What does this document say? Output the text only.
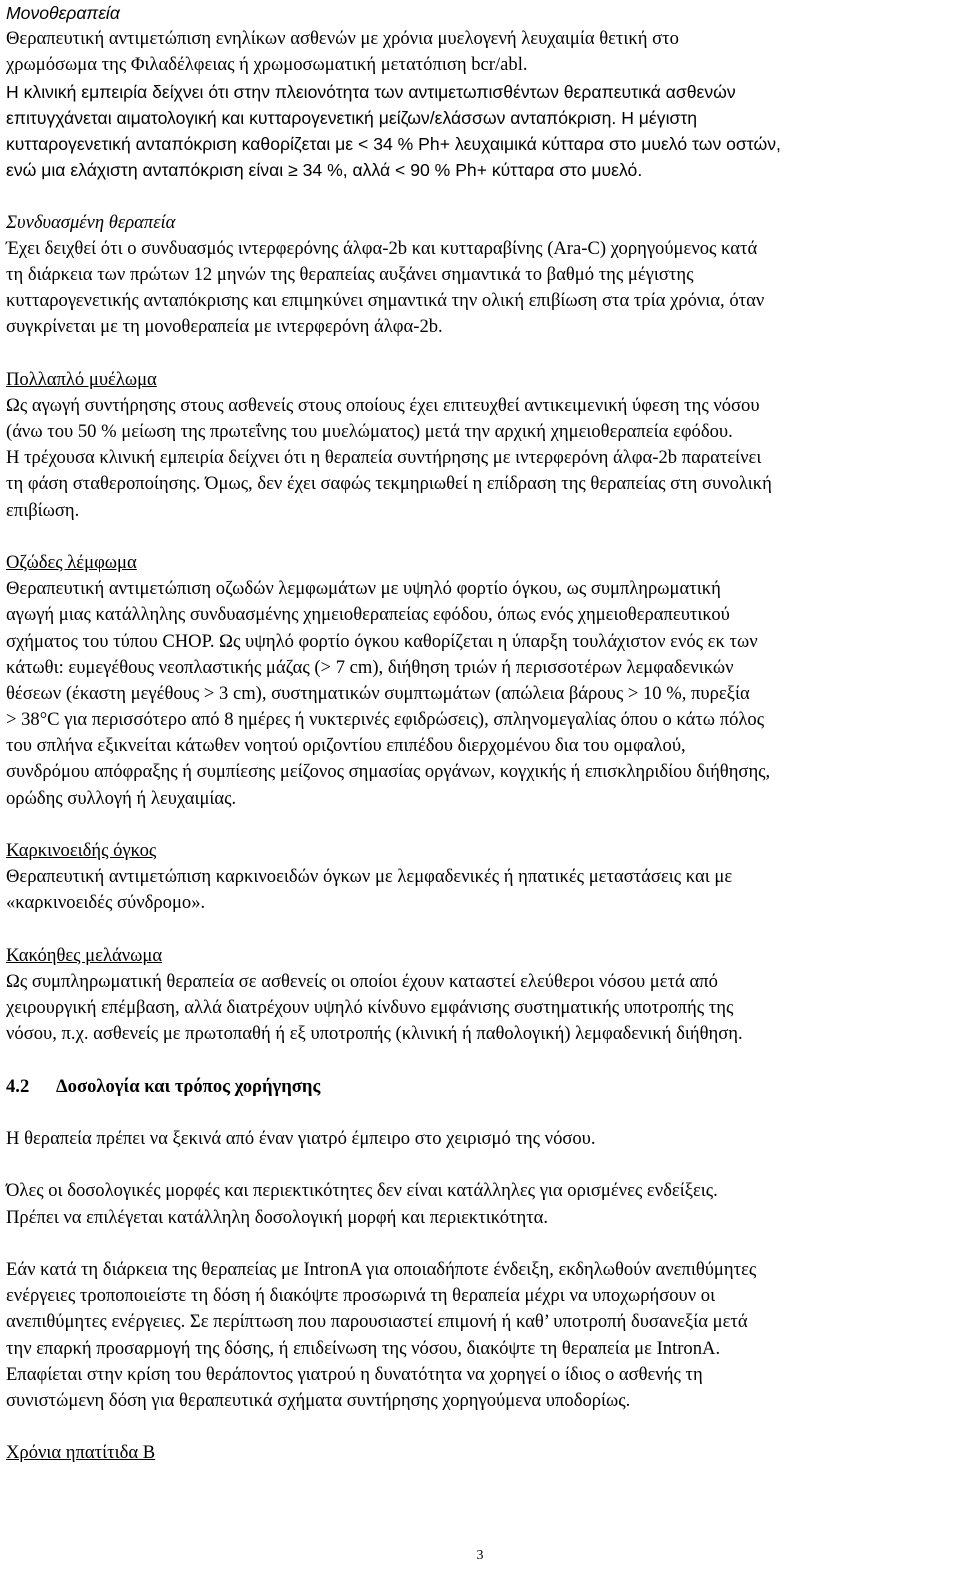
Μονοθεραπεία
Θεραπευτική αντιμετώπιση ενηλίκων ασθενών με χρόνια μυελογενή λευχαιμία θετική στο
χρωμόσωμα της Φιλαδέλφειας ή χρωμοσωματική μετατόπιση bcr/abl.
Η κλινική εμπειρία δείχνει ότι στην πλειονότητα των αντιμετωπισθέντων θεραπευτικά ασθενών
επιτυγχάνεται αιματολογική και κυτταρογενετική μείζων/ελάσσων ανταπόκριση. Η μέγιστη
κυτταρογενετική ανταπόκριση καθορίζεται με < 34 % Ph+ λευχαιμικά κύτταρα στο μυελό των οστών,
ενώ μια ελάχιστη ανταπόκριση είναι ≥ 34 %, αλλά < 90 % Ph+ κύτταρα στο μυελό.
Συνδυασμένη θεραπεία
Έχει δειχθεί ότι ο συνδυασμός ιντερφερόνης άλφα-2b και κυτταραβίνης (Ara-C) χορηγούμενος κατά
τη διάρκεια των πρώτων 12 μηνών της θεραπείας αυξάνει σημαντικά το βαθμό της μέγιστης
κυτταρογενετικής ανταπόκρισης και επιμηκύνει σημαντικά την ολική επιβίωση στα τρία χρόνια, όταν
συγκρίνεται με τη μονοθεραπεία με ιντερφερόνη άλφα-2b.
Πολλαπλό μυέλωμα
Ως αγωγή συντήρησης στους ασθενείς στους οποίους έχει επιτευχθεί αντικειμενική ύφεση της νόσου
(άνω του 50 % μείωση της πρωτεΐνης του μυελώματος) μετά την αρχική χημειοθεραπεία εφόδου.
Η τρέχουσα κλινική εμπειρία δείχνει ότι η θεραπεία συντήρησης με ιντερφερόνη άλφα-2b παρατείνει
τη φάση σταθεροποίησης. Όμως, δεν έχει σαφώς τεκμηριωθεί η επίδραση της θεραπείας στη συνολική
επιβίωση.
Οζώδες λέμφωμα
Θεραπευτική αντιμετώπιση οζωδών λεμφωμάτων με υψηλό φορτίο όγκου, ως συμπληρωματική
αγωγή μιας κατάλληλης συνδυασμένης χημειοθεραπείας εφόδου, όπως ενός χημειοθεραπευτικού
σχήματος του τύπου CHOP. Ως υψηλό φορτίο όγκου καθορίζεται η ύπαρξη τουλάχιστον ενός εκ των
κάτωθι: ευμεγέθους νεοπλαστικής μάζας (> 7 cm), διήθηση τριών ή περισσοτέρων λεμφαδενικών
θέσεων (έκαστη μεγέθους > 3 cm), συστηματικών συμπτωμάτων (απώλεια βάρους > 10 %, πυρεξία
> 38°C για περισσότερο από 8 ημέρες ή νυκτερινές εφιδρώσεις), σπληνομεγαλίας όπου ο κάτω πόλος
του σπλήνα εξικνείται κάτωθεν νοητού οριζοντίου επιπέδου διερχομένου δια του ομφαλού,
συνδρόμου απόφραξης ή συμπίεσης μείζονος σημασίας οργάνων, κογχικής ή επισκληριδίου διήθησης,
ορώδης συλλογή ή λευχαιμίας.
Καρκινοειδής όγκος
Θεραπευτική αντιμετώπιση καρκινοειδών όγκων με λεμφαδενικές ή ηπατικές μεταστάσεις και με
«καρκινοειδές σύνδρομο».
Κακόηθες μελάνωμα
Ως συμπληρωματική θεραπεία σε ασθενείς οι οποίοι έχουν καταστεί ελεύθεροι νόσου μετά από
χειρουργική επέμβαση, αλλά διατρέχουν υψηλό κίνδυνο εμφάνισης συστηματικής υποτροπής της
νόσου, π.χ. ασθενείς με πρωτοπαθή ή εξ υποτροπής (κλινική ή παθολογική) λεμφαδενική διήθηση.
4.2	Δοσολογία και τρόπος χορήγησης
Η θεραπεία πρέπει να ξεκινά από έναν γιατρό έμπειρο στο χειρισμό της νόσου.
Όλες οι δοσολογικές μορφές και περιεκτικότητες δεν είναι κατάλληλες για ορισμένες ενδείξεις.
Πρέπει να επιλέγεται κατάλληλη δοσολογική μορφή και περιεκτικότητα.
Εάν κατά τη διάρκεια της θεραπείας με IntronA για οποιαδήποτε ένδειξη, εκδηλωθούν ανεπιθύμητες
ενέργειες τροποποιείστε τη δόση ή διακόψτε προσωρινά τη θεραπεία μέχρι να υποχωρήσουν οι
ανεπιθύμητες ενέργειες. Σε περίπτωση που παρουσιαστεί επιμονή ή καθ’ υποτροπή δυσανεξία μετά
την επαρκή προσαρμογή της δόσης, ή επιδείνωση της νόσου, διακόψτε τη θεραπεία με IntronA.
Επαφίεται στην κρίση του θεράποντος γιατρού η δυνατότητα να χορηγεί ο ίδιος ο ασθενής τη
συνιστώμενη δόση για θεραπευτικά σχήματα συντήρησης χορηγούμενα υποδορίως.
Χρόνια ηπατίτιδα Β
3
